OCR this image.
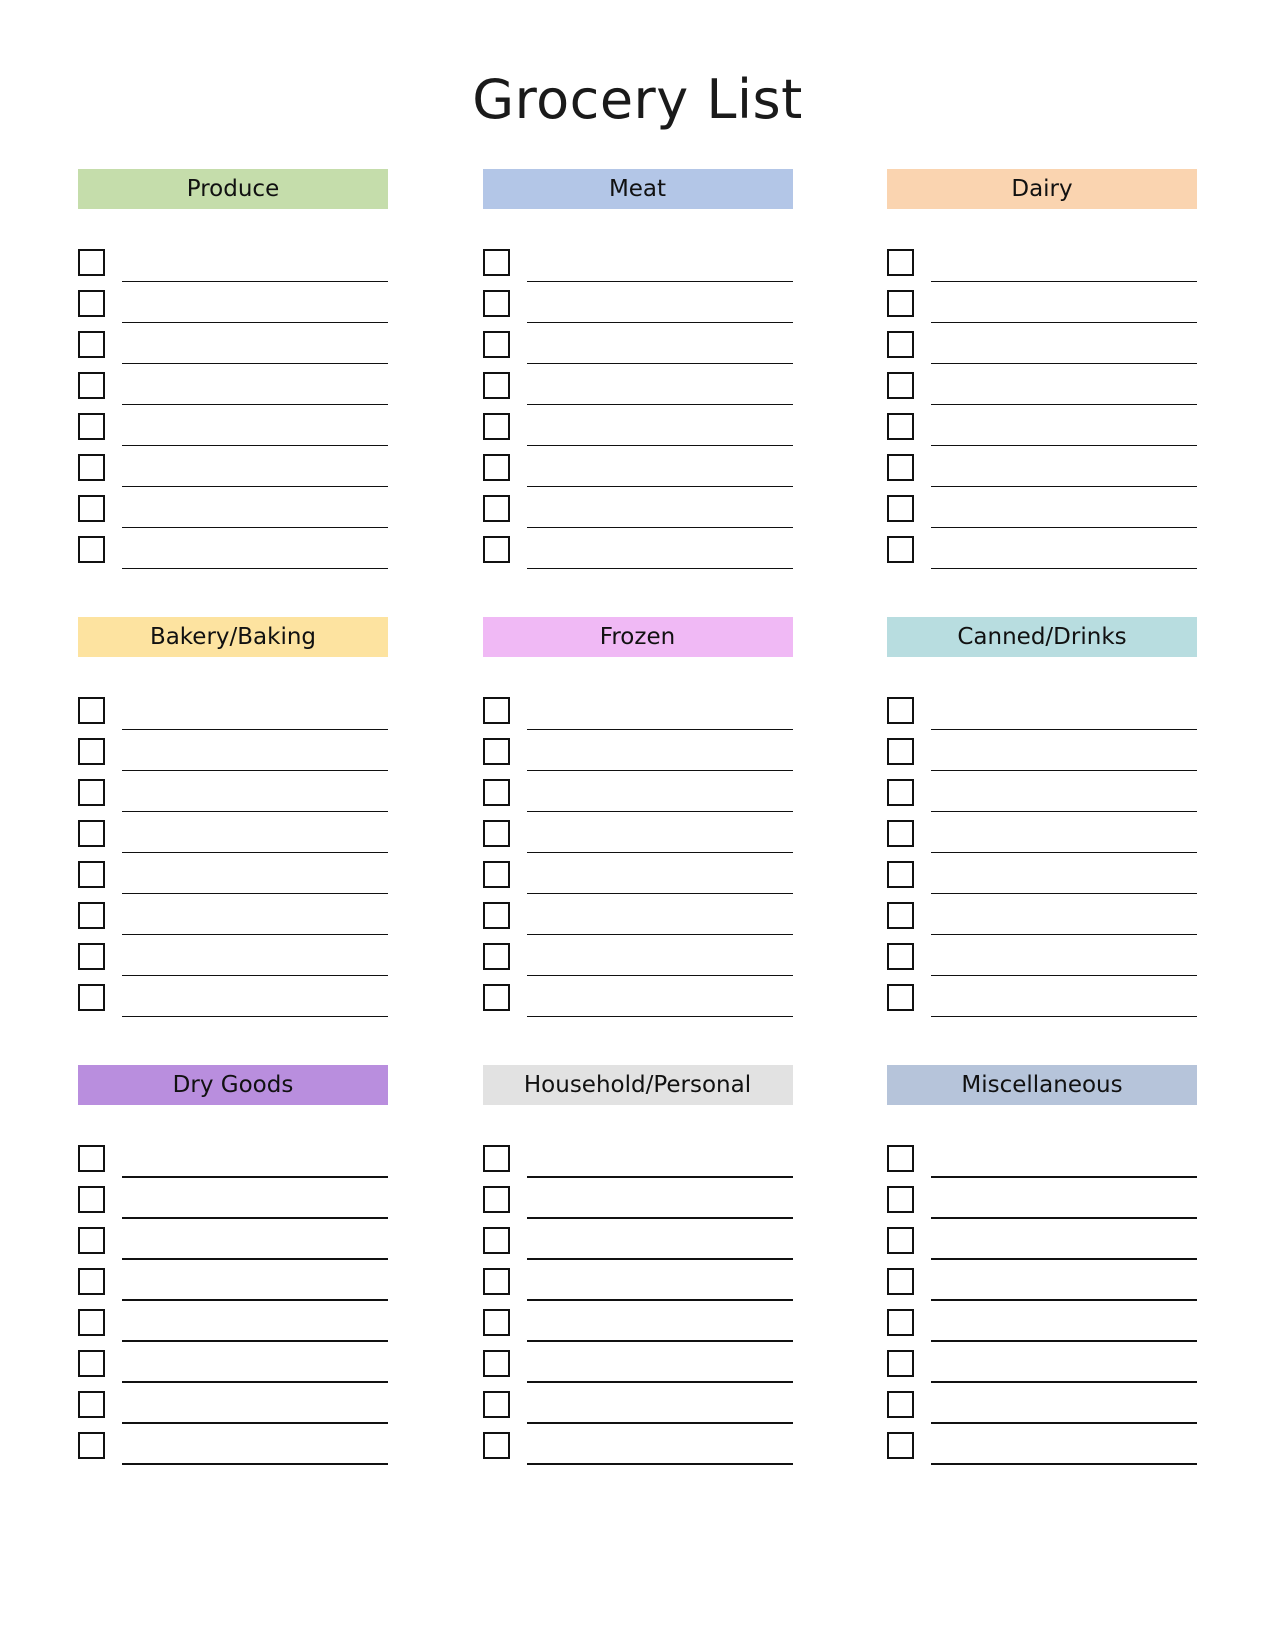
Grocery List
Produce	Meat	Dairy
Bakery/Baking	Frozen	Canned/Drinks
Dry Goods	Household/Personal	Miscellaneous
